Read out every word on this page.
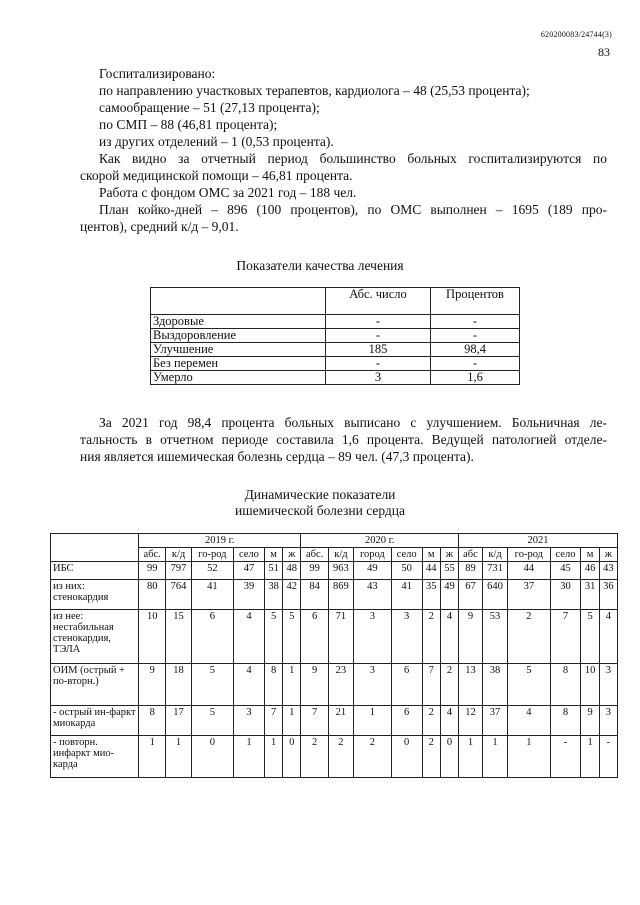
620200083/24744(3)
83
Госпитализировано:
по направлению участковых терапевтов, кардиолога – 48 (25,53 процента);
самообращение – 51 (27,13 процента);
по СМП – 88 (46,81 процента);
из других отделений – 1 (0,53 процента).
Как видно за отчетный период большинство больных госпитализируются по
скорой медицинской помощи – 46,81 процента.
Работа с фондом ОМС за 2021 год – 188 чел.
План койко-дней – 896 (100 процентов), по ОМС выполнен – 1695 (189 про-
центов), средний к/д – 9,01.
Показатели качества лечения
	Абс. число	Процентов
Здоровые	-	-
Выздоровление	-	-
Улучшение	185	98,4
Без перемен	-	-
Умерло	3	1,6
За 2021 год 98,4 процента больных выписано с улучшением. Больничная ле-
тальность в отчетном периоде составила 1,6 процента. Ведущей патологией отделе-
ния является ишемическая болезнь сердца – 89 чел. (47,3 процента).
Динамические показатели
ишемической болезни сердца
	2019 г.						2020 г.						2021					
	абс.	к/д	го-род	село	м	ж	абс.	к/д	город	село	м	ж	абс	к/д	го-род	село	м	ж
ИБС	99	797	52	47	51	48	99	963	49	50	44	55	89	731	44	45	46	43
из них: стенокардия	80	764	41	39	38	42	84	869	43	41	35	49	67	640	37	30	31	36
из нее: нестабильная стенокардия, ТЭЛА	10	15	6	4	5	5	6	71	3	3	2	4	9	53	2	7	5	4
ОИМ (острый + по-вторн.)	9	18	5	4	8	1	9	23	3	6	7	2	13	38	5	8	10	3
- острый ин-фаркт миокарда	8	17	5	3	7	1	7	21	1	6	2	4	12	37	4	8	9	3
- повторн. инфаркт мио-карда	1	1	0	1	1	0	2	2	2	0	2	0	1	1	1	-	1	-
